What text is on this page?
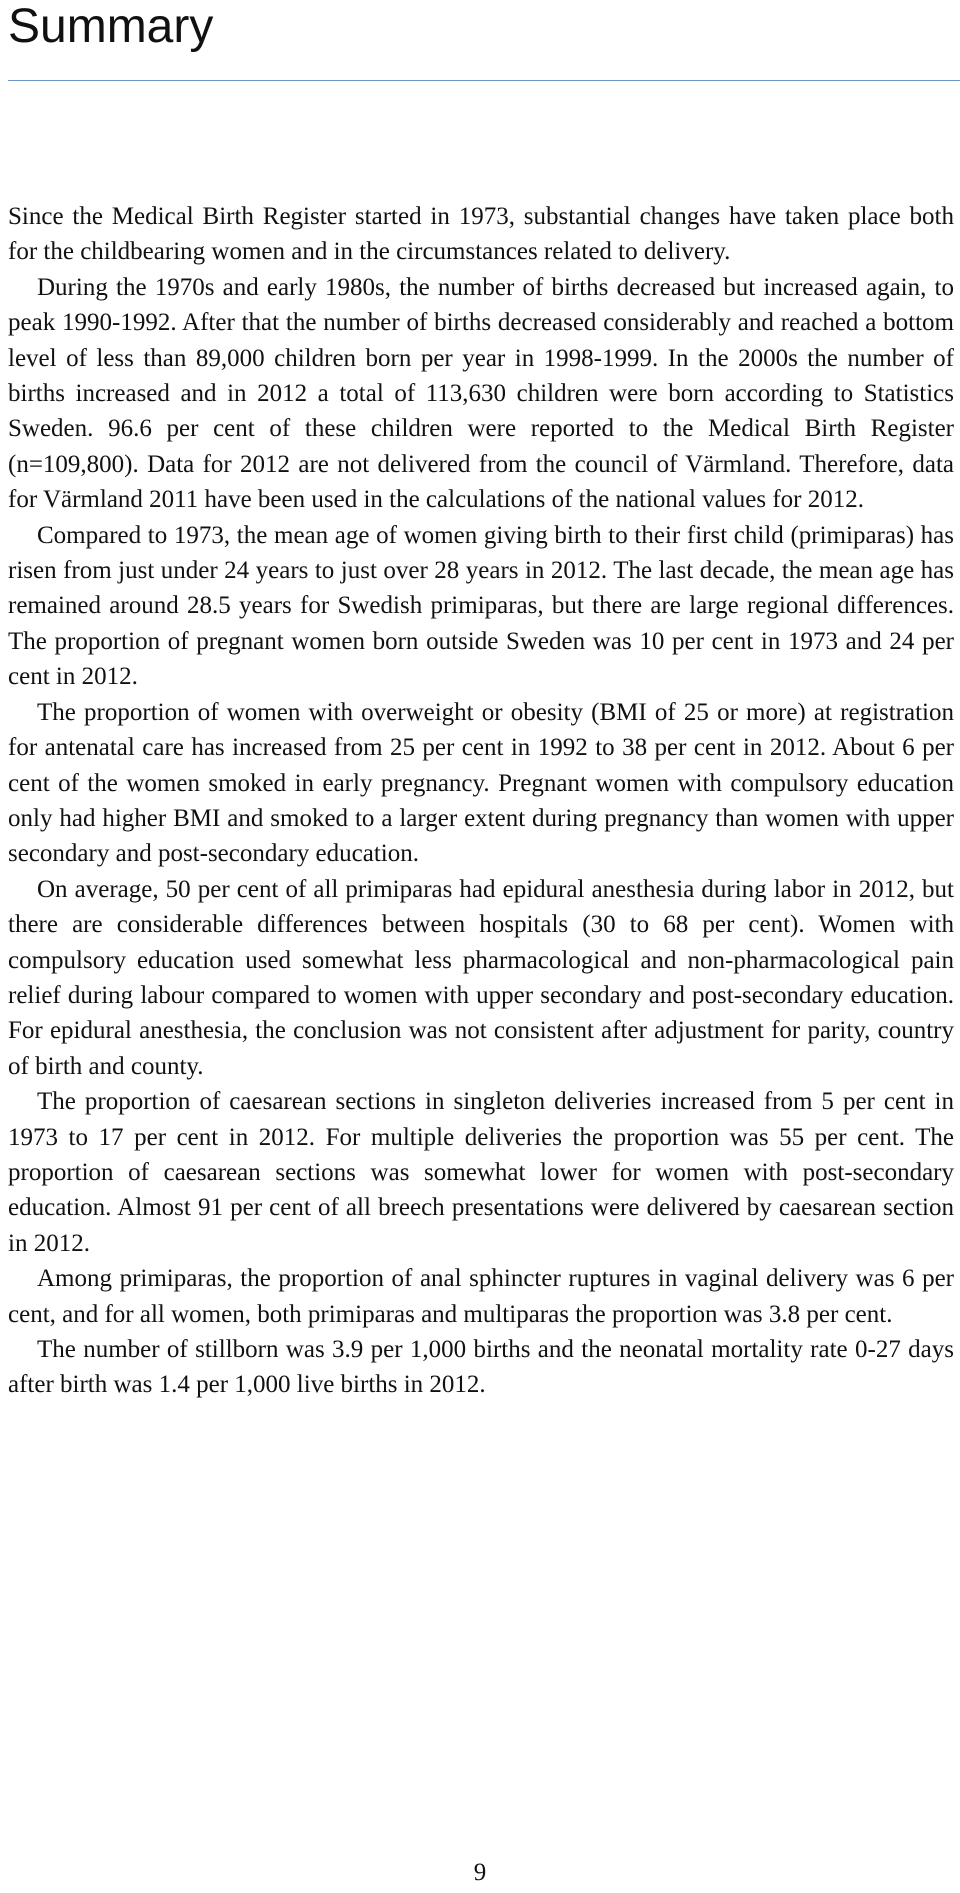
Summary

Since the Medical Birth Register started in 1973, substantial changes have taken place both for the childbearing women and in the circumstances related to delivery.

During the 1970s and early 1980s, the number of births decreased but increased again, to peak 1990-1992. After that the number of births decreased considerably and reached a bottom level of less than 89,000 children born per year in 1998-1999. In the 2000s the number of births increased and in 2012 a total of 113,630 children were born according to Statistics Sweden. 96.6 per cent of these children were reported to the Medical Birth Register (n=109,800). Data for 2012 are not delivered from the council of Värmland. Therefore, data for Värmland 2011 have been used in the calculations of the national values for 2012.

Compared to 1973, the mean age of women giving birth to their first child (primiparas) has risen from just under 24 years to just over 28 years in 2012. The last decade, the mean age has remained around 28.5 years for Swedish primiparas, but there are large regional differences. The proportion of pregnant women born outside Sweden was 10 per cent in 1973 and 24 per cent in 2012.

The proportion of women with overweight or obesity (BMI of 25 or more) at registration for antenatal care has increased from 25 per cent in 1992 to 38 per cent in 2012. About 6 per cent of the women smoked in early pregnancy. Pregnant women with compulsory education only had higher BMI and smoked to a larger extent during pregnancy than women with upper secondary and post-secondary education.

On average, 50 per cent of all primiparas had epidural anesthesia during labor in 2012, but there are considerable differences between hospitals (30 to 68 per cent). Women with compulsory education used somewhat less pharmacological and non-pharmacological pain relief during labour compared to women with upper secondary and post-secondary education. For epidural anesthesia, the conclusion was not consistent after adjustment for parity, country of birth and county.

The proportion of caesarean sections in singleton deliveries increased from 5 per cent in 1973 to 17 per cent in 2012. For multiple deliveries the proportion was 55 per cent. The proportion of caesarean sections was somewhat lower for women with post-secondary education. Almost 91 per cent of all breech presentations were delivered by caesarean section in 2012.

Among primiparas, the proportion of anal sphincter ruptures in vaginal delivery was 6 per cent, and for all women, both primiparas and multiparas the proportion was 3.8 per cent.

The number of stillborn was 3.9 per 1,000 births and the neonatal mortality rate 0-27 days after birth was 1.4 per 1,000 live births in 2012.

9
